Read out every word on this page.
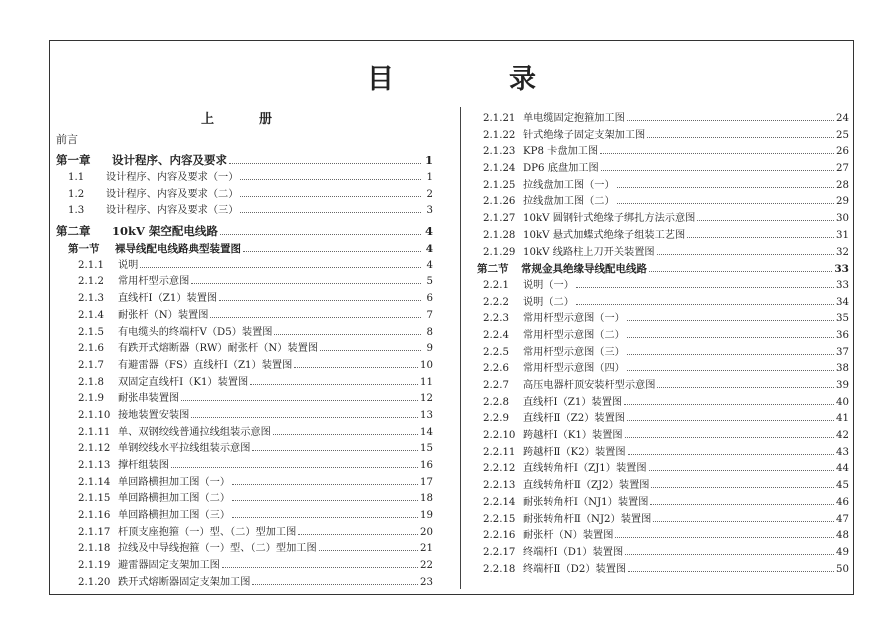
目　录
上　册
前言
第一章	设计程序、内容及要求	1
1.1	设计程序、内容及要求（一）	1
1.2	设计程序、内容及要求（二）	2
1.3	设计程序、内容及要求（三）	3
第二章	10kV 架空配电线路	4
第一节	裸导线配电线路典型装置图	4
2.1.1	说明	4
2.1.2	常用杆型示意图	5
2.1.3	直线杆Ⅰ（Z1）装置图	6
2.1.4	耐张杆（N）装置图	7
2.1.5	有电缆头的终端杆Ⅴ（D5）装置图	8
2.1.6	有跌开式熔断器（RW）耐张杆（N）装置图	9
2.1.7	有避雷器（FS）直线杆Ⅰ（Z1）装置图	10
2.1.8	双固定直线杆Ⅰ（K1）装置图	11
2.1.9	耐张串装置图	12
2.1.10 接地装置安装图	13
2.1.11 单、双钢绞线普通拉线组装示意图	14
2.1.12 单钢绞线水平拉线组装示意图	15
2.1.13 撑杆组装图	16
2.1.14 单回路横担加工图（一）	17
2.1.15 单回路横担加工图（二）	18
2.1.16 单回路横担加工图（三）	19
2.1.17 杆顶支座抱箍（一）型、（二）型加工图	20
2.1.18 拉线及中导线抱箍（一）型、（二）型加工图	21
2.1.19 避雷器固定支架加工图	22
2.1.20 跌开式熔断器固定支架加工图	23
2.1.21 单电缆固定抱箍加工图	24
2.1.22 针式绝缘子固定支架加工图	25
2.1.23 KP8 卡盘加工图	26
2.1.24 DP6 底盘加工图	27
2.1.25 拉线盘加工图（一）	28
2.1.26 拉线盘加工图（二）	29
2.1.27 10kV 圆钢针式绝缘子绑扎方法示意图	30
2.1.28 10kV 悬式加蝶式绝缘子组装工艺图	31
2.1.29 10kV 线路柱上刀开关装置图	32
第二节	常规金具绝缘导线配电线路	33
2.2.1	说明（一）	33
2.2.2	说明（二）	34
2.2.3	常用杆型示意图（一）	35
2.2.4	常用杆型示意图（二）	36
2.2.5	常用杆型示意图（三）	37
2.2.6	常用杆型示意图（四）	38
2.2.7	高压电器杆顶安装杆型示意图	39
2.2.8	直线杆Ⅰ（Z1）装置图	40
2.2.9	直线杆Ⅱ（Z2）装置图	41
2.2.10 跨越杆Ⅰ（K1）装置图	42
2.2.11 跨越杆Ⅱ（K2）装置图	43
2.2.12 直线转角杆Ⅰ（ZJ1）装置图	44
2.2.13 直线转角杆Ⅱ（ZJ2）装置图	45
2.2.14 耐张转角杆Ⅰ（NJ1）装置图	46
2.2.15 耐张转角杆Ⅱ（NJ2）装置图	47
2.2.16 耐张杆（N）装置图	48
2.2.17 终端杆Ⅰ（D1）装置图	49
2.2.18 终端杆Ⅱ（D2）装置图	50
